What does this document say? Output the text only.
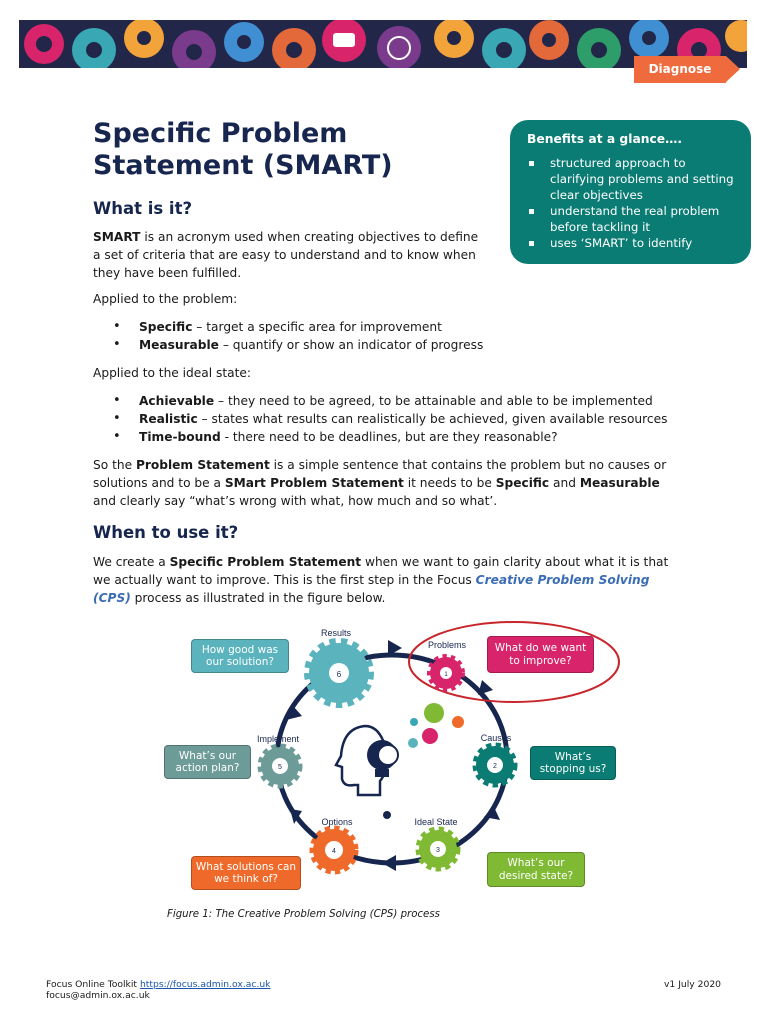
Diagnose
Specific Problem Statement (SMART)
Benefits at a glance….
structured approach to clarifying problems and setting clear objectives
understand the real problem before tackling it
uses ‘SMART’ to identify
What is it?

SMART is an acronym used when creating objectives to define a set of criteria that are easy to understand and to know when they have been fulfilled.

Applied to the problem:

• Specific – target a specific area for improvement
• Measurable – quantify or show an indicator of progress

Applied to the ideal state:

• Achievable – they need to be agreed, to be attainable and able to be implemented
• Realistic – states what results can realistically be achieved, given available resources
• Time-bound - there need to be deadlines, but are they reasonable?

So the Problem Statement is a simple sentence that contains the problem but no causes or solutions and to be a SMart Problem Statement it needs to be Specific and Measurable and clearly say “what’s wrong with what, how much and so what’.

When to use it?

We create a Specific Problem Statement when we want to gain clarity about what it is that we actually want to improve. This is the first step in the Focus Creative Problem Solving (CPS) process as illustrated in the figure below.

6
Results
1
Problems
2
Causes
3
Ideal State
4
Options
5
Implement
How good was our solution?
What do we want to improve?
What’s stopping us?
What’s our desired state?
What solutions can we think of?
What’s our action plan?
Figure 1: The Creative Problem Solving (CPS) process
Focus Online Toolkit https://focus.admin.ox.ac.uk
focus@admin.ox.ac.uk
v1 July 2020
